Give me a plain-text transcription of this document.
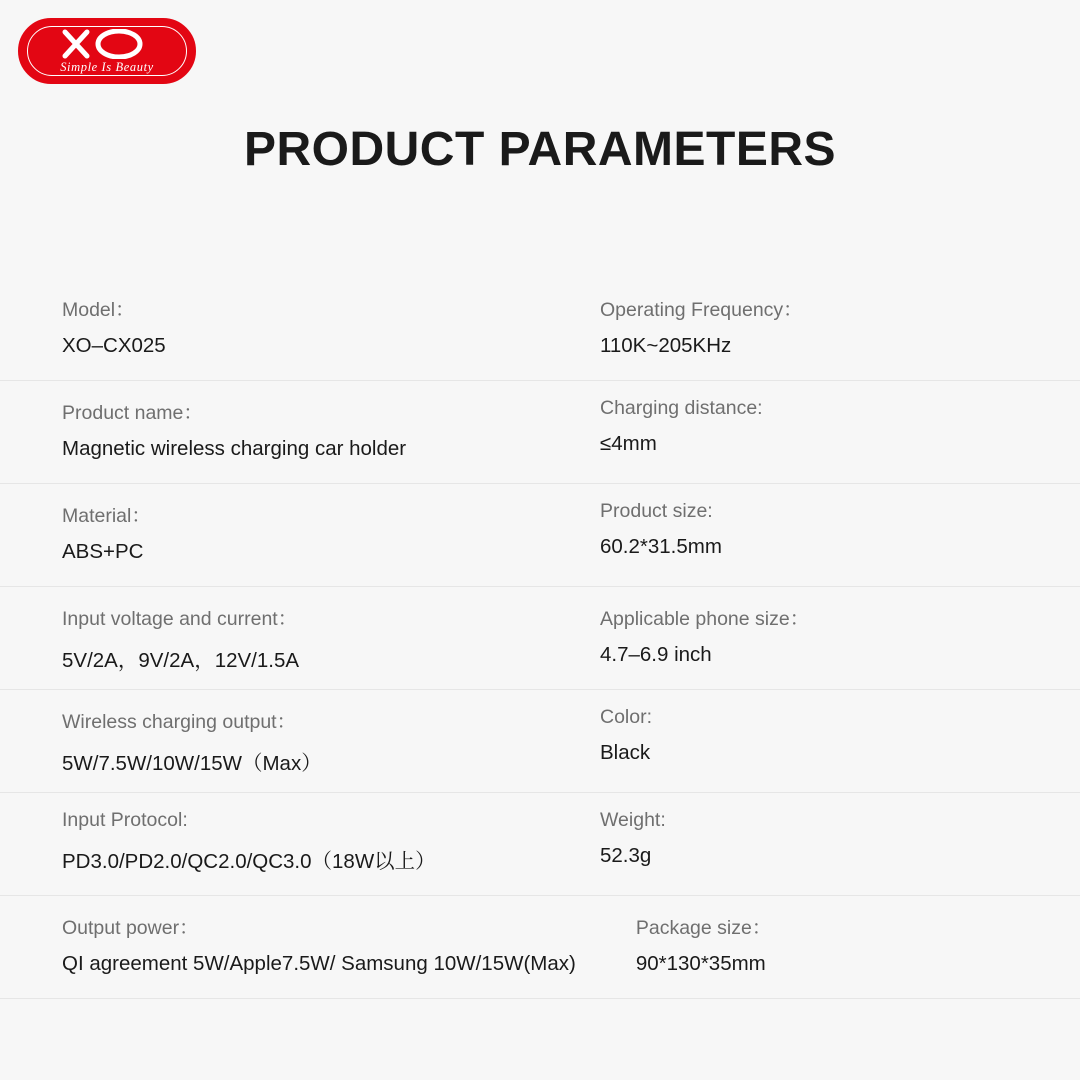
Simple Is Beauty
PRODUCT PARAMETERS
Model：
XO–CX025
Operating Frequency：
110K~205KHz
Product name：
Magnetic wireless charging car holder
Charging distance:
≤4mm
Material：
ABS+PC
Product size:
60.2*31.5mm
Input voltage and current：
5V/2A，9V/2A，12V/1.5A
Applicable phone size：
4.7–6.9 inch
Wireless charging output：
5W/7.5W/10W/15W（Max）
Color:
Black
Input Protocol:
PD3.0/PD2.0/QC2.0/QC3.0（18W以上）
Weight:
52.3g
Output power：
QI agreement 5W/Apple7.5W/ Samsung 10W/15W(Max)
Package size：
90*130*35mm
